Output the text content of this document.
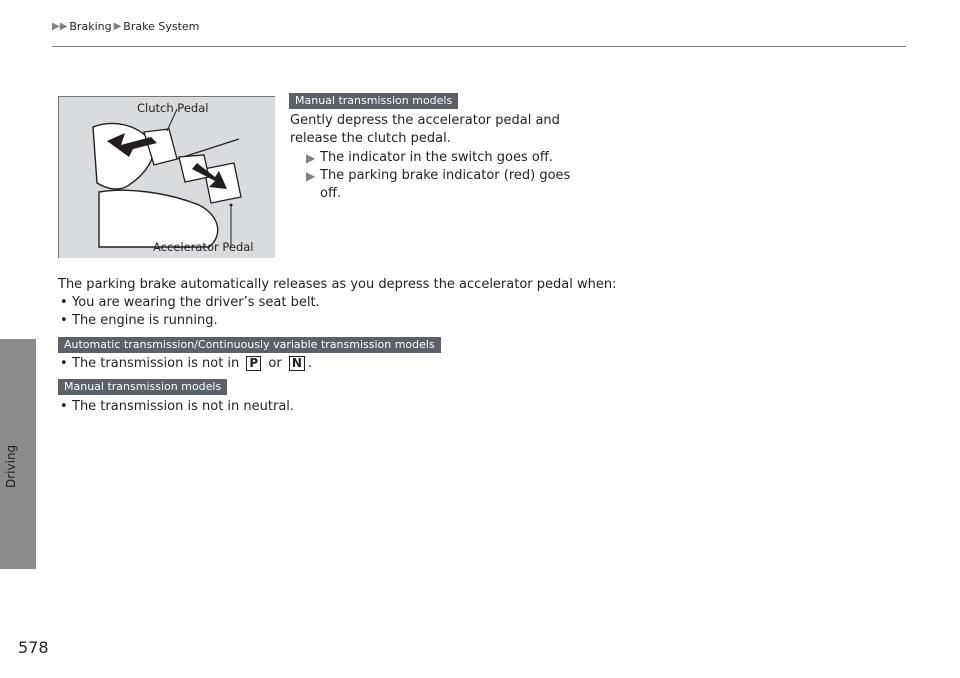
Driving
578
▶▶ Braking ▶ Brake System
Clutch Pedal
Accelerator Pedal
Manual transmission models
Gently depress the accelerator pedal and
release the clutch pedal.
▶ The indicator in the switch goes off.
▶ The parking brake indicator (red) goes
off.
The parking brake automatically releases as you depress the accelerator pedal when:
• You are wearing the driver’s seat belt.
• The engine is running.
Automatic transmission/Continuously variable transmission models
• The transmission is not in P or N .
Manual transmission models
• The transmission is not in neutral.
